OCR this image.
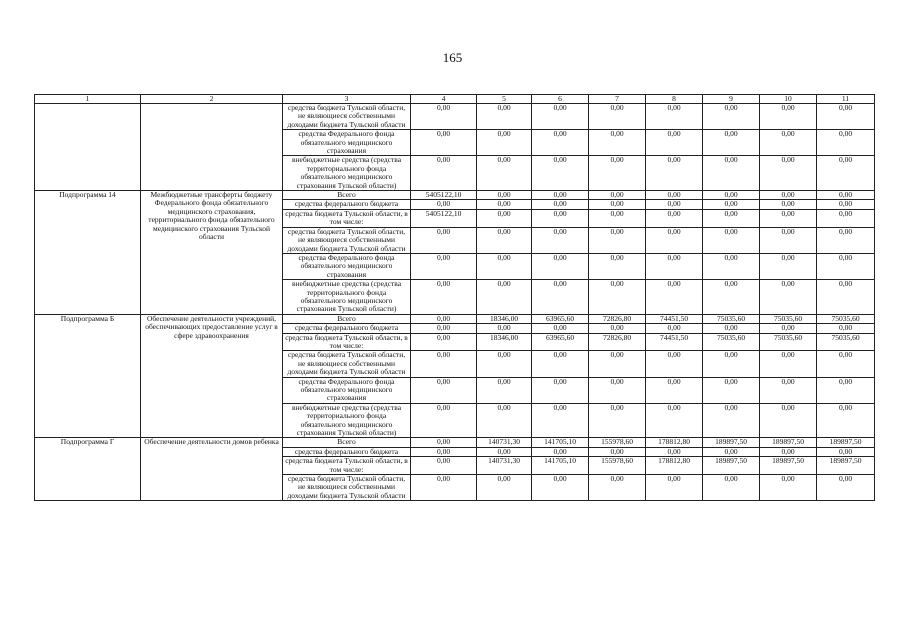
165
1	2	3	4	5	6	7	8	9	10	11
		средства бюджета Тульской области, не являющиеся собственными доходами бюджета Тульской области	0,00	0,00	0,00	0,00	0,00	0,00	0,00	0,00
		средства Федерального фонда обязательного медицинского страхования	0,00	0,00	0,00	0,00	0,00	0,00	0,00	0,00
		внебюджетные средства (средства территориального фонда обязательного медицинского страхования Тульской области)	0,00	0,00	0,00	0,00	0,00	0,00	0,00	0,00
Подпрограмма 14	Межбюджетные трансферты бюджету Федерального фонда обязательного медицинского страхования, территориального фонда обязательного медицинского страхования Тульской области	Всего	5405122,10	0,00	0,00	0,00	0,00	0,00	0,00	0,00
		средства федерального бюджета	0,00	0,00	0,00	0,00	0,00	0,00	0,00	0,00
		средства бюджета Тульской области, в том числе:	5405122,10	0,00	0,00	0,00	0,00	0,00	0,00	0,00
		средства бюджета Тульской области, не являющиеся собственными доходами бюджета Тульской области	0,00	0,00	0,00	0,00	0,00	0,00	0,00	0,00
		средства Федерального фонда обязательного медицинского страхования	0,00	0,00	0,00	0,00	0,00	0,00	0,00	0,00
		внебюджетные средства (средства территориального фонда обязательного медицинского страхования Тульской области)	0,00	0,00	0,00	0,00	0,00	0,00	0,00	0,00
Подпрограмма Б	Обеспечение деятельности учреждений, обеспечивающих предоставление услуг в сфере здравоохранения	Всего	0,00	18346,00	63965,60	72826,80	74451,50	75035,60	75035,60	75035,60
		средства федерального бюджета	0,00	0,00	0,00	0,00	0,00	0,00	0,00	0,00
		средства бюджета Тульской области, в том числе:	0,00	18346,00	63965,60	72826,80	74451,50	75035,60	75035,60	75035,60
		средства бюджета Тульской области, не являющиеся собственными доходами бюджета Тульской области	0,00	0,00	0,00	0,00	0,00	0,00	0,00	0,00
		средства Федерального фонда обязательного медицинского страхования	0,00	0,00	0,00	0,00	0,00	0,00	0,00	0,00
		внебюджетные средства (средства территориального фонда обязательного медицинского страхования Тульской области)	0,00	0,00	0,00	0,00	0,00	0,00	0,00	0,00
Подпрограмма Г	Обеспечение деятельности домов ребенка	Всего	0,00	140731,30	141705,10	155978,60	178812,80	189897,50	189897,50	189897,50
		средства федерального бюджета	0,00	0,00	0,00	0,00	0,00	0,00	0,00	0,00
		средства бюджета Тульской области, в том числе:	0,00	140731,30	141705,10	155978,60	178812,80	189897,50	189897,50	189897,50
		средства бюджета Тульской области, не являющиеся собственными доходами бюджета Тульской области	0,00	0,00	0,00	0,00	0,00	0,00	0,00	0,00
